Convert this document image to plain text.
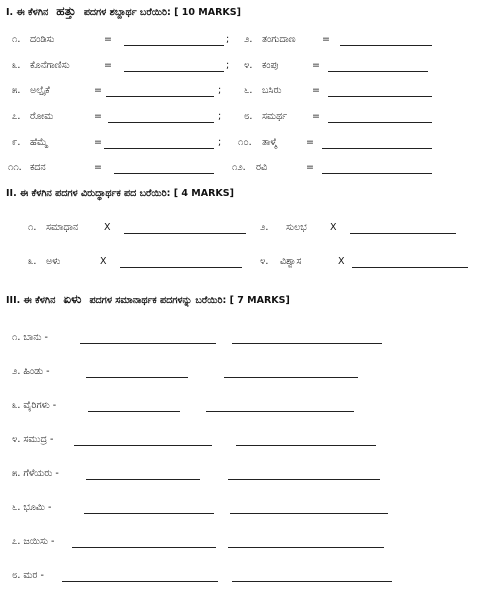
I. ಈ ಕೆಳಗಿನ ಹತ್ತು ಪದಗಳ ಶಬ್ದಾರ್ಥ ಬರೆಯಿರಿ: [ 10 MARKS]
೧. ದಂಡಿಸು	=	; ೨. ತಂಗುದಾಣ	=
೩. ಕೊನೆಗಾಣಿಸು	=	; ೪. ಕಂಪು	=
೫. ಅಲ್ಪೈಕೆ	=	; ೬. ಬಸಿರು	=
೭. ರೋಮ	=	; ೮. ಸಮರ್ಥ	=
೯. ಹೆಮ್ಮೆ	=	; ೧೦. ತಾಳ್ಮೆ	=
೧೧. ಕದನ	=	೧೨. ರವಿ	=
II. ಈ ಕೆಳಗಿನ ಪದಗಳ ವಿರುದ್ಧಾರ್ಥಕ ಪದ ಬರೆಯಿರಿ: [ 4 MARKS]
೧. ಸಮಾಧಾನ	X	೨. ಸುಲಭ X
೩. ಅಳು	X	೪. ವಿಶ್ವಾಸ	X
III. ಈ ಕೆಳಗಿನ ಏಳು ಪದಗಳ ಸಮಾನಾರ್ಥಕ ಪದಗಳನ್ನು ಬರೆಯಿರಿ: [ 7 MARKS]
೧. ಬಾನು -
೨. ಹಿಂಡು -
೩. ವೈರಿಗಳು -
೪. ಸಮುದ್ರ -
೫. ಗೆಳೆಯರು -
೬. ಭೂಮಿ -
೭. ಜಯಿಸು -
೮. ಮರ -
